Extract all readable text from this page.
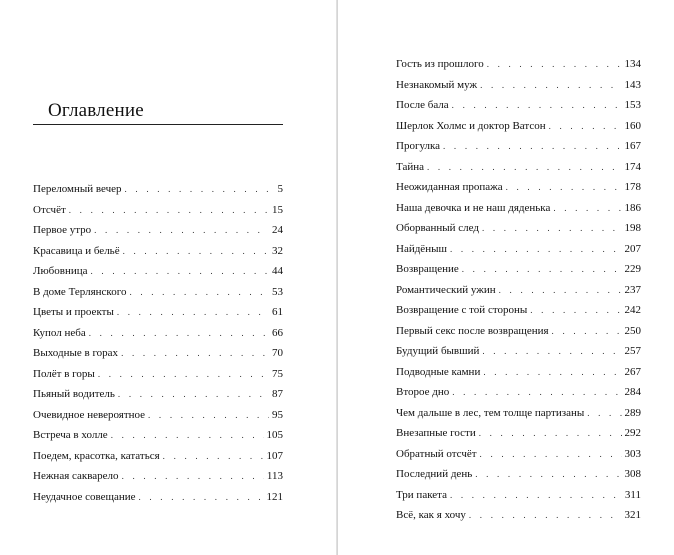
Оглавление
Переломный вечер . . .	5
Отсчёт . . .	15
Первое утро . . .	24
Красавица и бельё . . .	32
Любовница . . .	44
В доме Терлянского . . .	53
Цветы и проекты . . .	61
Купол неба . . .	66
Выходные в горах . . .	70
Полёт в горы . . .	75
Пьяный водитель . . .	87
Очевидное невероятное . . .	95
Встреча в холле . . .	105
Поедем, красотка, кататься . . .	107
Нежная сакварело . . .	113
Неудачное совещание . . .	121
Гость из прошлого . . .	134
Незнакомый муж . . .	143
После бала . . .	153
Шерлок Холмс и доктор Ватсон . . .	160
Прогулка . . .	167
Тайна . . .	174
Неожиданная пропажа . . .	178
Наша девочка и не наш дяденька . . .	186
Оборванный след . . .	198
Найдёныш . . .	207
Возвращение . . .	229
Романтический ужин . . .	237
Возвращение с той стороны . . .	242
Первый секс после возвращения . . .	250
Будущий бывший . . .	257
Подводные камни . . .	267
Второе дно . . .	284
Чем дальше в лес, тем толще партизаны . . .	289
Внезапные гости . . .	292
Обратный отсчёт . . .	303
Последний день . . .	308
Три пакета . . .	311
Всё, как я хочу . . .	321
